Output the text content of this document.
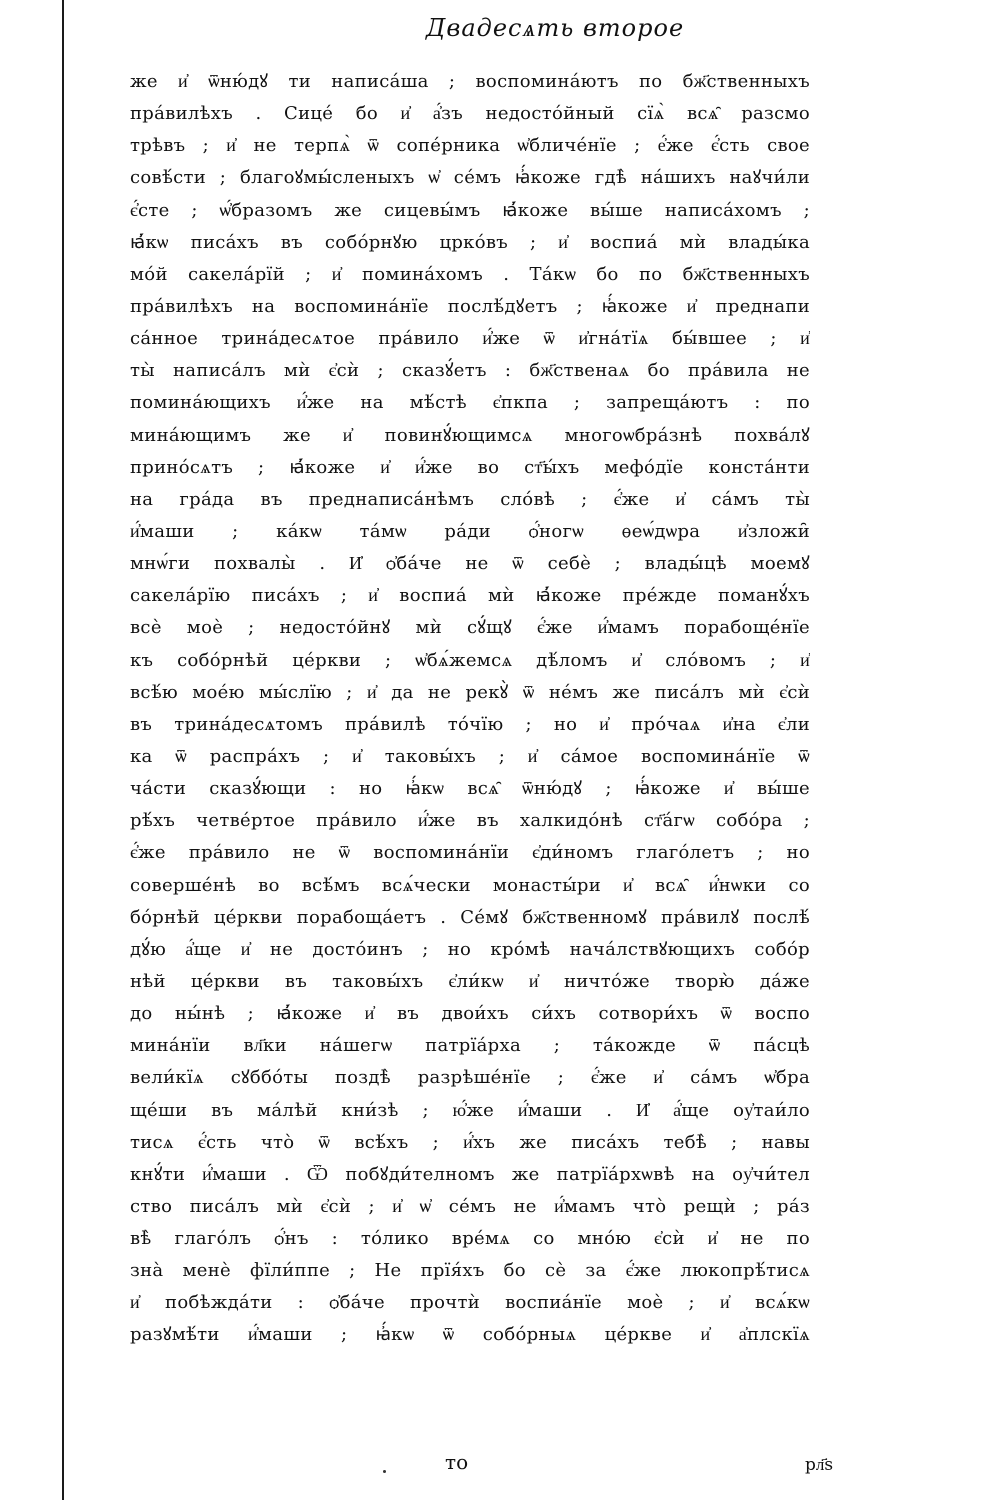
Двадесѧть второе
же и҆ ѿню́дꙋ ти написа́ша ; воспомина́ютъ по бж҃ственныхъ
пра́вилѣхъ . Сице́ бо и҆ а҆́зъ недосто́йный сїѧ̀ всѧ̑ разсмо
трѣвъ ; и҆ не терпѧ̀ ѿ сопе́рника ѡ҆бличе́нїе ; е҆́же є҆́сть свое
совѣ́сти ; благоꙋмы́сленыхъ ѡ҆ се́мъ ꙗ҆́коже гдѣ̀ на́шихъ наꙋчи́ли
є҆́сте ; ѡ҆́бразомъ же сицевы́мъ ꙗ҆́коже вы́ше написа́хомъ ;
ꙗ҆́кѡ писа́хъ въ собо́рнꙋю црко́въ ; и҆ воспиа́ мѝ влады́ка
мо́й сакела́рїй ; и҆ помина́хомъ . Та́кѡ бо по бж҃ственныхъ
пра́вилѣхъ на воспомина́нїе послѣ́дꙋетъ ; ꙗ҆́коже и҆ преднапи
са́нное трина́десѧтое пра́вило и҆́же ѿ и҆гна́тїѧ бы́вшее ; и҆
ты̀ написа́лъ мѝ є҆сѝ ; сказꙋ́етъ : бж҃ственаѧ бо пра́вила не
помина́ющихъ и҆́же на мѣ́стѣ є҆пкпа ; запреща́ютъ : по
мина́ющимъ же и҆ повинꙋ́ющимсѧ многоѡбра́знѣ похва́лꙋ
прино́сѧтъ ; ꙗ҆́коже и҆ и҆́же во ст҃ы́хъ мефо́дїе конста́нти
на гра́да въ преднаписа́нѣмъ сло́вѣ ; є҆́же и҆ са́мъ ты̀
и҆́маши ; ка́кѡ та́мѡ ра́ди ѻ҆́ногѡ ѳеѡ́дѡра и҆зложи̑
мнѡ́ги похвалы̀ . И҆ ѻ҆ба́че не ѿ себѐ ; влады́цѣ моемꙋ
сакела́рїю писа́хъ ; и҆ воспиа́ мѝ ꙗ҆́коже пре́жде поманꙋ́хъ
всѐ моѐ ; недосто́йнꙋ мѝ сꙋ́щꙋ є҆́же и҆́мамъ порабоще́нїе
къ собо́рнѣй це́ркви ; ѡ҆бѧ́жемсѧ дѣ́ломъ и҆ сло́вомъ ; и҆
всѣ́ю мое́ю мы́слїю ; и҆ да не рекꙋ̀ ѿ не́мъ же писа́лъ мѝ є҆сѝ
въ трина́десѧтомъ пра́вилѣ то́чїю ; но и҆ про́чаѧ и҆на є҆ли
ка ѿ распра́хъ ; и҆ таковы́хъ ; и҆ са́мое воспомина́нїе ѿ
ча́сти сказꙋ́ющи : но ꙗ҆́кѡ всѧ̑ ѿню́дꙋ ; ꙗ҆́коже и҆ вы́ше
рѣ́хъ четве́ртое пра́вило и҆́же въ халкидо́нѣ ст҃а́гѡ собо́ра ;
є҆́же пра́вило не ѿ воспомина́нїи є҆ди́номъ глаго́летъ ; но
соверше́нѣ во всѣ́мъ всѧ́чески монасты́ри и҆ всѧ̑ и҆́нѡки со
бо́рнѣй це́ркви порабоща́етъ . Се́мꙋ бж҃ственномꙋ пра́вилꙋ послѣ́
дꙋ́ю а҆́ще и҆ не досто́инъ ; но кро́мѣ нача́лствꙋющихъ собо́р
нѣй це́ркви въ таковы́хъ є҆ли́кѡ и҆ ничто́же творю̀ да́же
до ны́нѣ ; ꙗ҆́коже и҆ въ двои́хъ си́хъ сотвори́хъ ѿ воспо
мина́нїи вл҃ки на́шегѡ патрїа́рха ; та́кожде ѿ па́сцѣ
вели́кїѧ сꙋббо́ты поздѣ̀ разрѣше́нїе ; є҆́же и҆ са́мъ ѡ҆бра
ще́ши въ ма́лѣй кни́зѣ ; ю҆́же и҆́маши . И҆ а҆́ще оу҆таи́ло
тисѧ є҆́сть что̀ ѿ всѣ́хъ ; и҆́хъ же писа́хъ тебѣ̀ ; навы
кнꙋ́ти и҆́маши . Ѿ побꙋди́телномъ же патрїа́рхѡвѣ на оу҆чи́тел
ство писа́лъ мѝ є҆сѝ ; и҆ ѡ҆ се́мъ не и҆́мамъ что̀ рещѝ ; ра́з
вѣ̀ глаго́лъ ѻ҆́нъ : то́лико вре́мѧ со мно́ю є҆сѝ и҆ не по
зна̀ менѐ фїли́ппе ; Не прїя́хъ бо сѐ за є҆́же люкопрѣ́тисѧ
и҆ побѣжда́ти : ѻ҆ба́че прочтѝ воспиа́нїе моѐ ; и҆ всѧ́кѡ
разꙋмѣ́ти и҆́маши ; ꙗ҆́кѡ ѿ собо́рныѧ це́ркве и҆ а҆плскїѧ
то	рл҃ѕ
